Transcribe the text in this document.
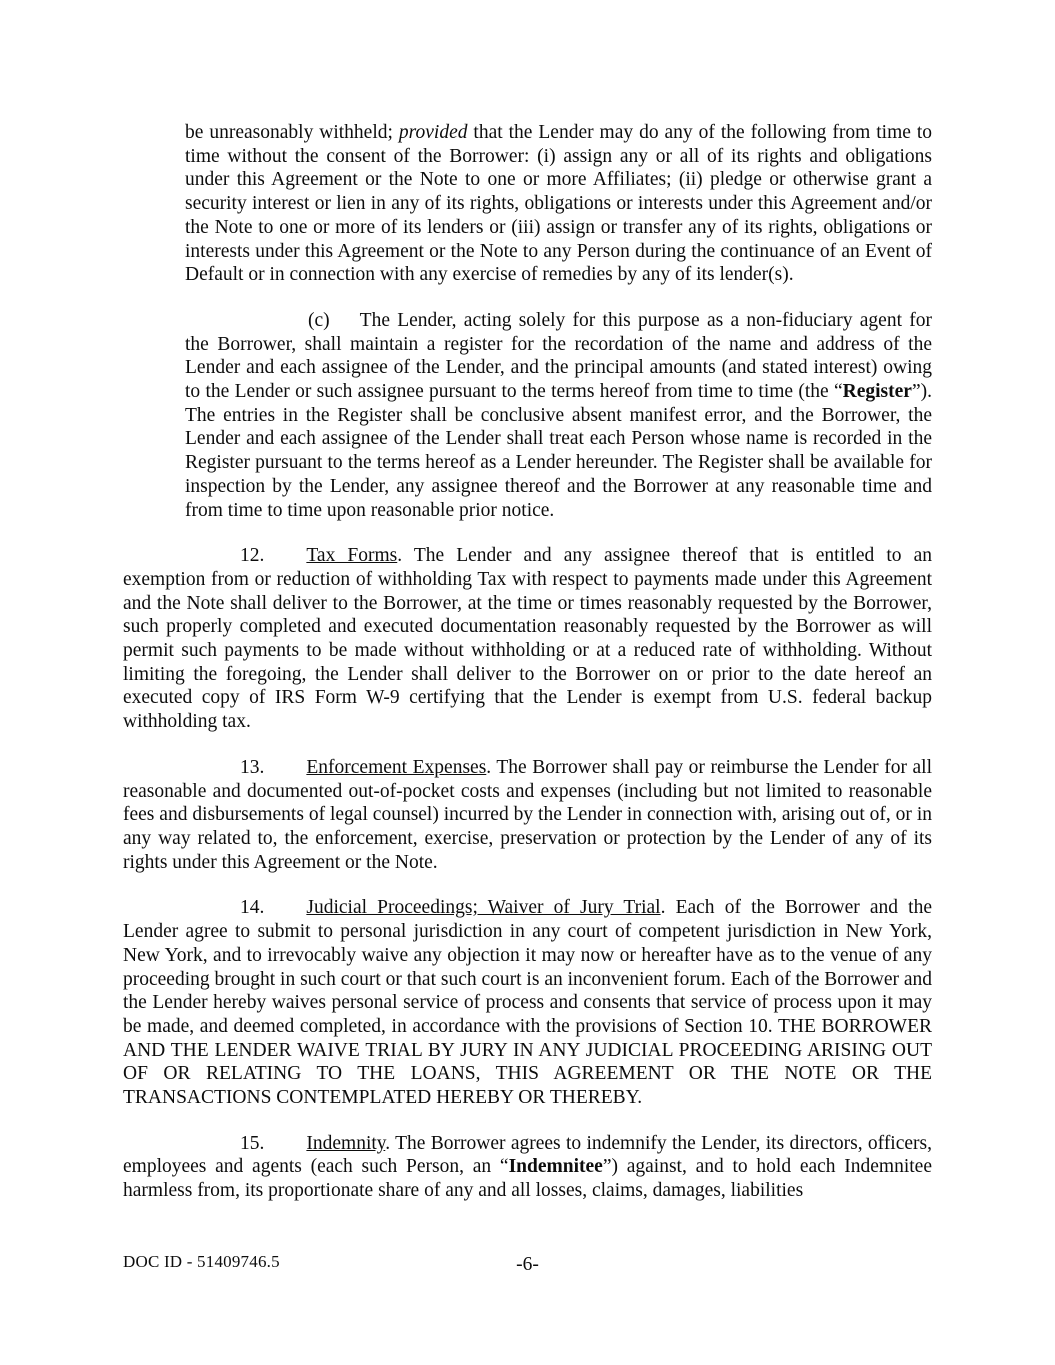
be unreasonably withheld; provided that the Lender may do any of the following from time to time without the consent of the Borrower: (i) assign any or all of its rights and obligations under this Agreement or the Note to one or more Affiliates; (ii) pledge or otherwise grant a security interest or lien in any of its rights, obligations or interests under this Agreement and/or the Note to one or more of its lenders or (iii) assign or transfer any of its rights, obligations or interests under this Agreement or the Note to any Person during the continuance of an Event of Default or in connection with any exercise of remedies by any of its lender(s).

(c) The Lender, acting solely for this purpose as a non-fiduciary agent for the Borrower, shall maintain a register for the recordation of the name and address of the Lender and each assignee of the Lender, and the principal amounts (and stated interest) owing to the Lender or such assignee pursuant to the terms hereof from time to time (the “Register”). The entries in the Register shall be conclusive absent manifest error, and the Borrower, the Lender and each assignee of the Lender shall treat each Person whose name is recorded in the Register pursuant to the terms hereof as a Lender hereunder. The Register shall be available for inspection by the Lender, any assignee thereof and the Borrower at any reasonable time and from time to time upon reasonable prior notice.

12. Tax Forms. The Lender and any assignee thereof that is entitled to an exemption from or reduction of withholding Tax with respect to payments made under this Agreement and the Note shall deliver to the Borrower, at the time or times reasonably requested by the Borrower, such properly completed and executed documentation reasonably requested by the Borrower as will permit such payments to be made without withholding or at a reduced rate of withholding. Without limiting the foregoing, the Lender shall deliver to the Borrower on or prior to the date hereof an executed copy of IRS Form W-9 certifying that the Lender is exempt from U.S. federal backup withholding tax.

13. Enforcement Expenses. The Borrower shall pay or reimburse the Lender for all reasonable and documented out-of-pocket costs and expenses (including but not limited to reasonable fees and disbursements of legal counsel) incurred by the Lender in connection with, arising out of, or in any way related to, the enforcement, exercise, preservation or protection by the Lender of any of its rights under this Agreement or the Note.

14. Judicial Proceedings; Waiver of Jury Trial. Each of the Borrower and the Lender agree to submit to personal jurisdiction in any court of competent jurisdiction in New York, New York, and to irrevocably waive any objection it may now or hereafter have as to the venue of any proceeding brought in such court or that such court is an inconvenient forum. Each of the Borrower and the Lender hereby waives personal service of process and consents that service of process upon it may be made, and deemed completed, in accordance with the provisions of Section 10. THE BORROWER AND THE LENDER WAIVE TRIAL BY JURY IN ANY JUDICIAL PROCEEDING ARISING OUT OF OR RELATING TO THE LOANS, THIS AGREEMENT OR THE NOTE OR THE TRANSACTIONS CONTEMPLATED HEREBY OR THEREBY.

15. Indemnity. The Borrower agrees to indemnify the Lender, its directors, officers, employees and agents (each such Person, an “Indemnitee”) against, and to hold each Indemnitee harmless from, its proportionate share of any and all losses, claims, damages, liabilities

DOC ID - 51409746.5	-6-
